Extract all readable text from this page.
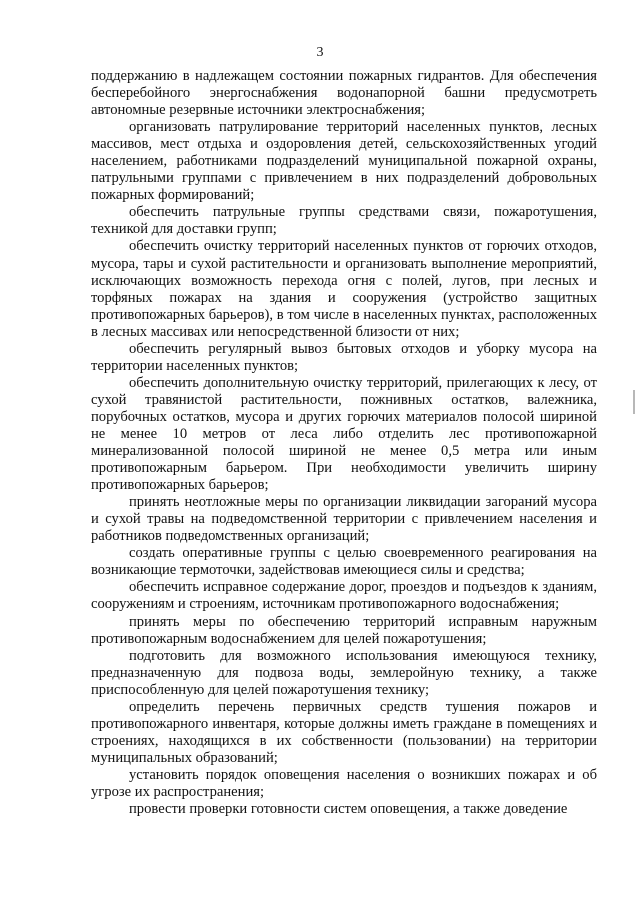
3

поддержанию в надлежащем состоянии пожарных гидрантов. Для обеспечения бесперебойного энергоснабжения водонапорной башни предусмотреть автономные резервные источники электроснабжения;

организовать патрулирование территорий населенных пунктов, лесных массивов, мест отдыха и оздоровления детей, сельскохозяйственных угодий населением, работниками подразделений муниципальной пожарной охраны, патрульными группами с привлечением в них подразделений добровольных пожарных формирований;

обеспечить патрульные группы средствами связи, пожаротушения, техникой для доставки групп;

обеспечить очистку территорий населенных пунктов от горючих отходов, мусора, тары и сухой растительности и организовать выполнение мероприятий, исключающих возможность перехода огня с полей, лугов, при лесных и торфяных пожарах на здания и сооружения (устройство защитных противопожарных барьеров), в том числе в населенных пунктах, расположенных в лесных массивах или непосредственной близости от них;

обеспечить регулярный вывоз бытовых отходов и уборку мусора на территории населенных пунктов;

обеспечить дополнительную очистку территорий, прилегающих к лесу, от сухой травянистой растительности, пожнивных остатков, валежника, порубочных остатков, мусора и других горючих материалов полосой шириной не менее 10 метров от леса либо отделить лес противопожарной минерализованной полосой шириной не менее 0,5 метра или иным противопожарным барьером. При необходимости увеличить ширину противопожарных барьеров;

принять неотложные меры по организации ликвидации загораний мусора и сухой травы на подведомственной территории с привлечением населения и работников подведомственных организаций;

создать оперативные группы с целью своевременного реагирования на возникающие термоточки, задействовав имеющиеся силы и средства;

обеспечить исправное содержание дорог, проездов и подъездов к зданиям, сооружениям и строениям, источникам противопожарного водоснабжения;

принять меры по обеспечению территорий исправным наружным противопожарным водоснабжением для целей пожаротушения;

подготовить для возможного использования имеющуюся технику, предназначенную для подвоза воды, землеройную технику, а также приспособленную для целей пожаротушения технику;

определить перечень первичных средств тушения пожаров и противопожарного инвентаря, которые должны иметь граждане в помещениях и строениях, находящихся в их собственности (пользовании) на территории муниципальных образований;

установить порядок оповещения населения о возникших пожарах и об угрозе их распространения;

провести проверки готовности систем оповещения, а также доведение
